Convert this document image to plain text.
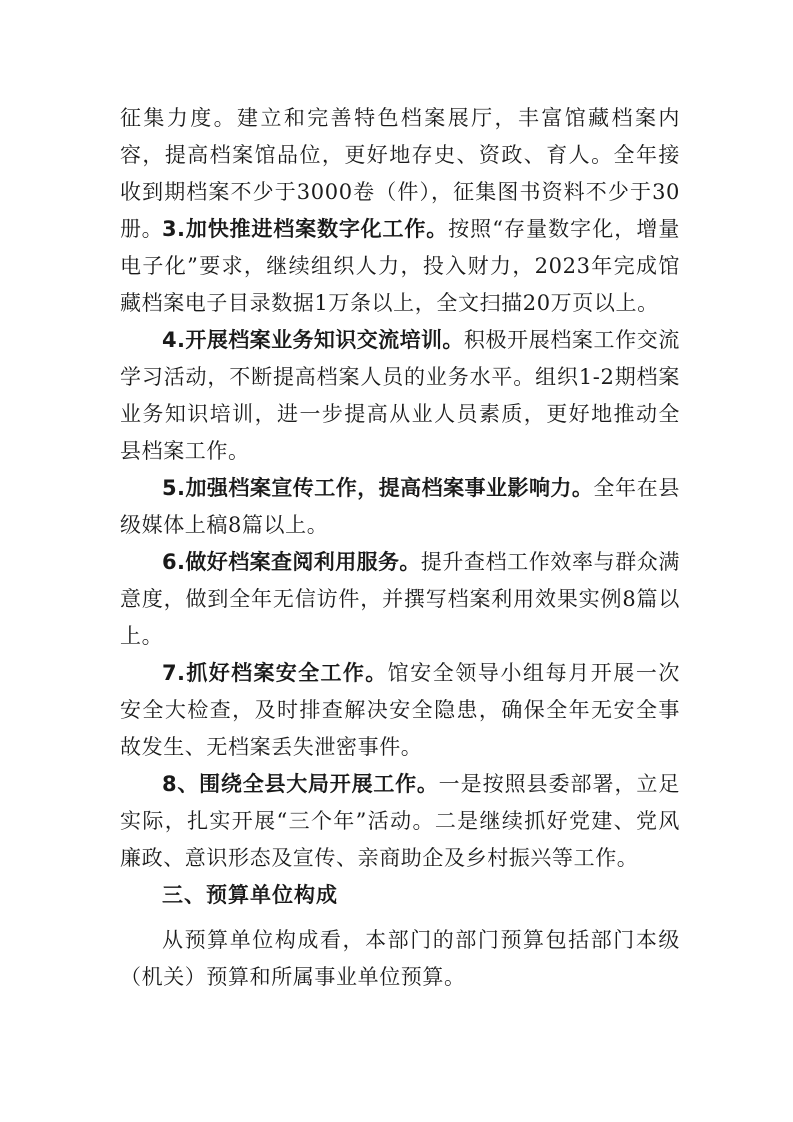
征集力度。建立和完善特色档案展厅，丰富馆藏档案内容，提高档案馆品位，更好地存史、资政、育人。全年接收到期档案不少于3000卷（件），征集图书资料不少于30册。

3.加快推进档案数字化工作。按照“存量数字化，增量电子化”要求，继续组织人力，投入财力，2023年完成馆藏档案电子目录数据1万条以上，全文扫描20万页以上。

4.开展档案业务知识交流培训。积极开展档案工作交流学习活动，不断提高档案人员的业务水平。组织1-2期档案业务知识培训，进一步提高从业人员素质，更好地推动全县档案工作。

5.加强档案宣传工作，提高档案事业影响力。全年在县级媒体上稿8篇以上。

6.做好档案查阅利用服务。提升查档工作效率与群众满意度，做到全年无信访件，并撰写档案利用效果实例8篇以上。

7.抓好档案安全工作。馆安全领导小组每月开展一次安全大检查，及时排查解决安全隐患，确保全年无安全事故发生、无档案丢失泄密事件。

8、围绕全县大局开展工作。一是按照县委部署，立足实际，扎实开展“三个年”活动。二是继续抓好党建、党风廉政、意识形态及宣传、亲商助企及乡村振兴等工作。

三、预算单位构成

从预算单位构成看，本部门的部门预算包括部门本级（机关）预算和所属事业单位预算。
